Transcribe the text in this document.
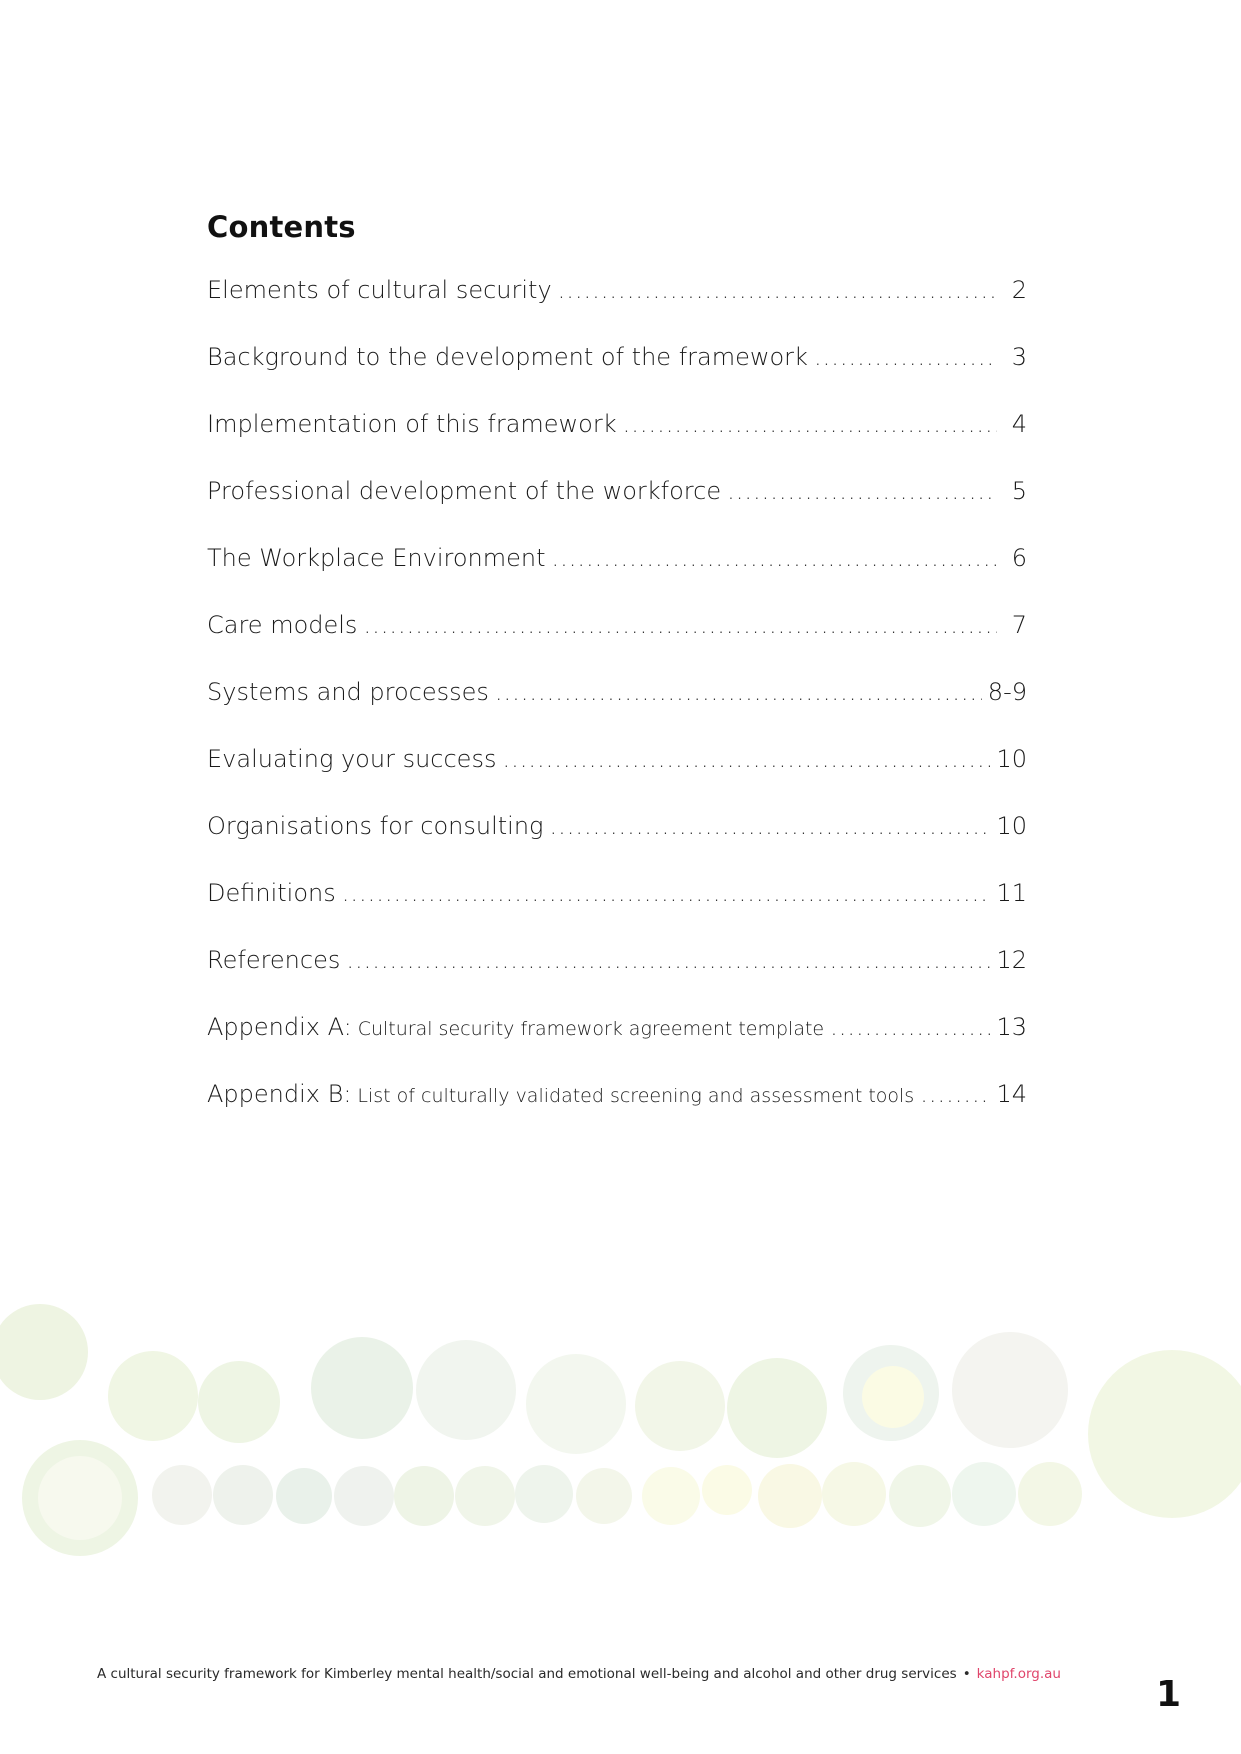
Contents
Elements of cultural security .....	2
Background to the development of the framework .....	3
Implementation of this framework .....	4
Professional development of the workforce .....	5
The Workplace Environment .....	6
Care models .....	7
Systems and processes .....	8-9
Evaluating your success .....	10
Organisations for consulting .....	10
Definitions .....	11
References .....	12
Appendix A: Cultural security framework agreement template .....	13
Appendix B: List of culturally validated screening and assessment tools .....	14
A cultural security framework for Kimberley mental health/social and emotional well-being and alcohol and other drug services • kahpf.org.au	1
